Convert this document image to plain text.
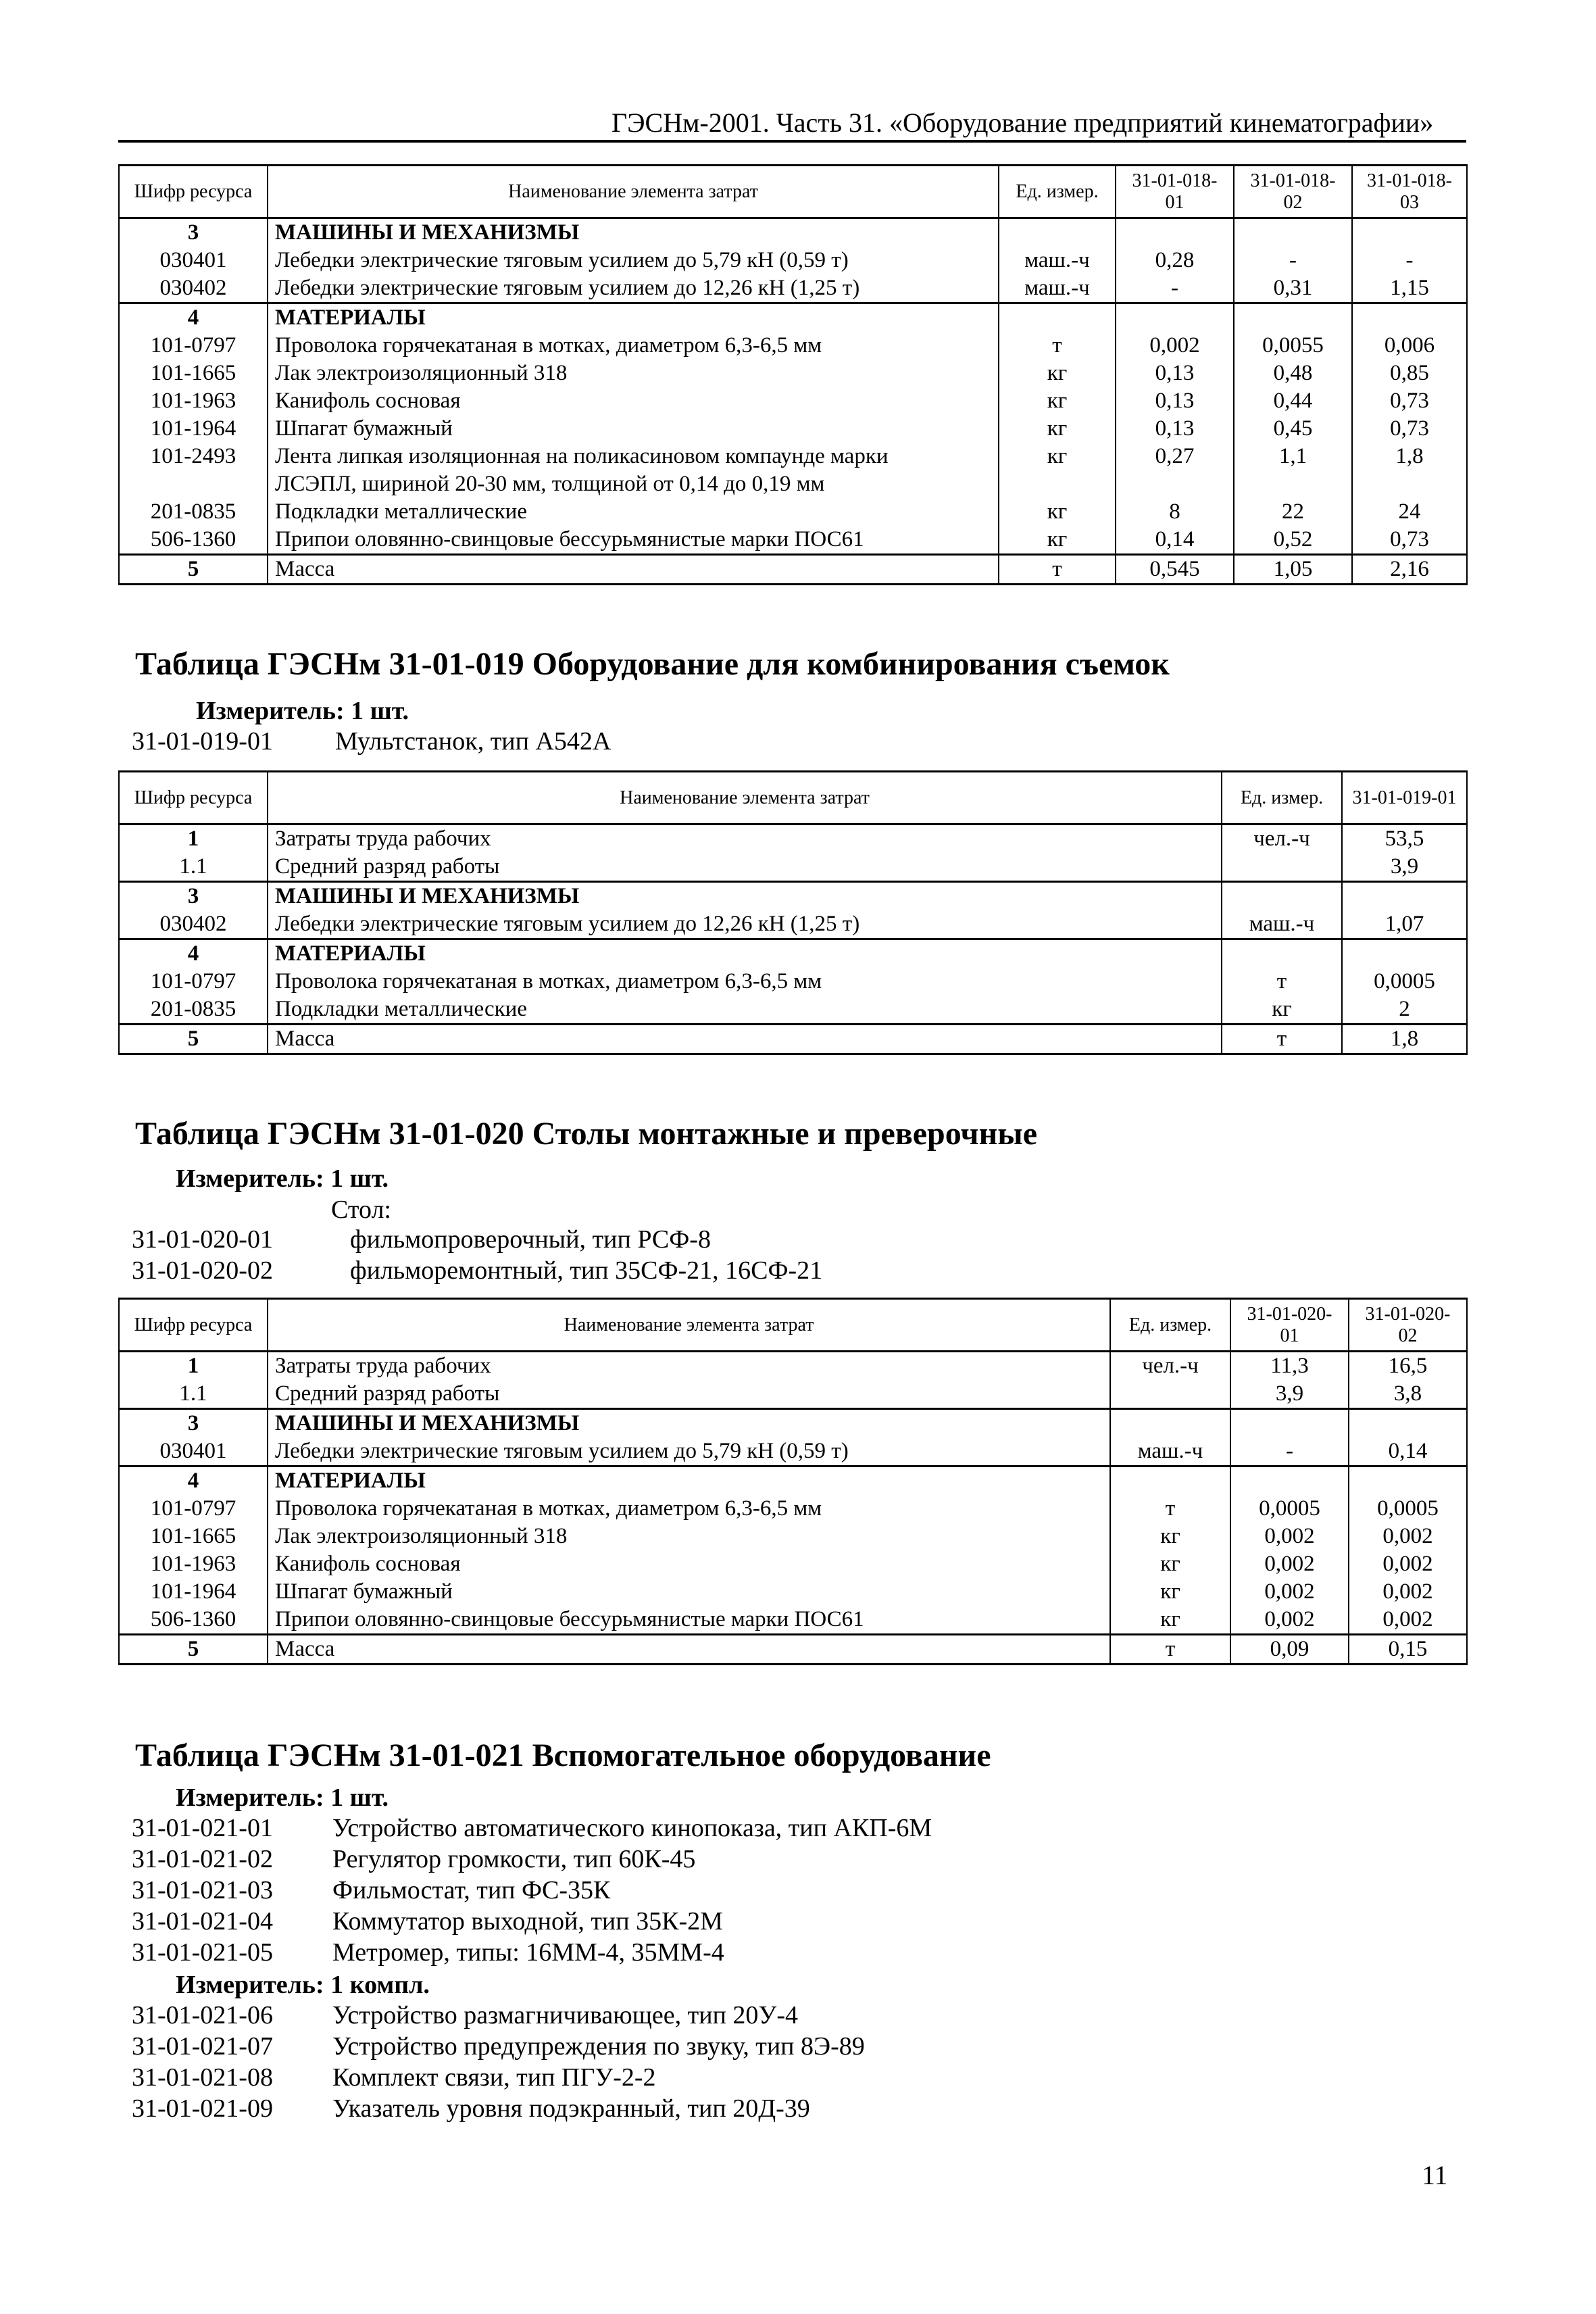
ГЭСНм-2001. Часть 31. «Оборудование предприятий кинематографии»
Шифр ресурса	Наименование элемента затрат	Ед. измер.	31-01-018-01	31-01-018-02	31-01-018-03
3	МАШИНЫ И МЕХАНИЗМЫ				
030401	Лебедки электрические тяговым усилием до 5,79 кН (0,59 т)	маш.-ч	0,28	-	-
030402	Лебедки электрические тяговым усилием до 12,26 кН (1,25 т)	маш.-ч	-	0,31	1,15
4	МАТЕРИАЛЫ				
101-0797	Проволока горячекатаная в мотках, диаметром 6,3-6,5 мм	т	0,002	0,0055	0,006
101-1665	Лак электроизоляционный 318	кг	0,13	0,48	0,85
101-1963	Канифоль сосновая	кг	0,13	0,44	0,73
101-1964	Шпагат бумажный	кг	0,13	0,45	0,73
101-2493	Лента липкая изоляционная на поликасиновом компаунде марки	кг	0,27	1,1	1,8
	ЛСЭПЛ, шириной 20-30 мм, толщиной от 0,14 до 0,19 мм				
201-0835	Подкладки металлические	кг	8	22	24
506-1360	Припои оловянно-свинцовые бессурьмянистые марки ПОС61	кг	0,14	0,52	0,73
5	Масса	т	0,545	1,05	2,16
Таблица ГЭСНм 31-01-019 Оборудование для комбинирования съемок
Измеритель: 1 шт.
31-01-019-01 Мультстанок, тип А542А
Шифр ресурса	Наименование элемента затрат	Ед. измер.	31-01-019-01
1	Затраты труда рабочих	чел.-ч	53,5
1.1	Средний разряд работы		3,9
3	МАШИНЫ И МЕХАНИЗМЫ		
030402	Лебедки электрические тяговым усилием до 12,26 кН (1,25 т)	маш.-ч	1,07
4	МАТЕРИАЛЫ		
101-0797	Проволока горячекатаная в мотках, диаметром 6,3-6,5 мм	т	0,0005
201-0835	Подкладки металлические	кг	2
5	Масса	т	1,8
Таблица ГЭСНм 31-01-020 Столы монтажные и преверочные
Измеритель: 1 шт.
Стол:
31-01-020-01	фильмопроверочный, тип РСФ-8
31-01-020-02	фильморемонтный, тип 35СФ-21, 16СФ-21
Шифр ресурса	Наименование элемента затрат	Ед. измер.	31-01-020-01	31-01-020-02
1	Затраты труда рабочих	чел.-ч	11,3	16,5
1.1	Средний разряд работы		3,9	3,8
3	МАШИНЫ И МЕХАНИЗМЫ			
030401	Лебедки электрические тяговым усилием до 5,79 кН (0,59 т)	маш.-ч	-	0,14
4	МАТЕРИАЛЫ			
101-0797	Проволока горячекатаная в мотках, диаметром 6,3-6,5 мм	т	0,0005	0,0005
101-1665	Лак электроизоляционный 318	кг	0,002	0,002
101-1963	Канифоль сосновая	кг	0,002	0,002
101-1964	Шпагат бумажный	кг	0,002	0,002
506-1360	Припои оловянно-свинцовые бессурьмянистые марки ПОС61	кг	0,002	0,002
5	Масса	т	0,09	0,15
Таблица ГЭСНм 31-01-021 Вспомогательное оборудование
Измеритель: 1 шт.
31-01-021-01 Устройство автоматического кинопоказа, тип АКП-6М
31-01-021-02 Регулятор громкости, тип 60К-45
31-01-021-03 Фильмостат, тип ФС-35К
31-01-021-04 Коммутатор выходной, тип 35К-2М
31-01-021-05 Метромер, типы: 16ММ-4, 35ММ-4
Измеритель: 1 компл.
31-01-021-06 Устройство размагничивающее, тип 20У-4
31-01-021-07 Устройство предупреждения по звуку, тип 8Э-89
31-01-021-08 Комплект связи, тип ПГУ-2-2
31-01-021-09 Указатель уровня подэкранный, тип 20Д-39
11
